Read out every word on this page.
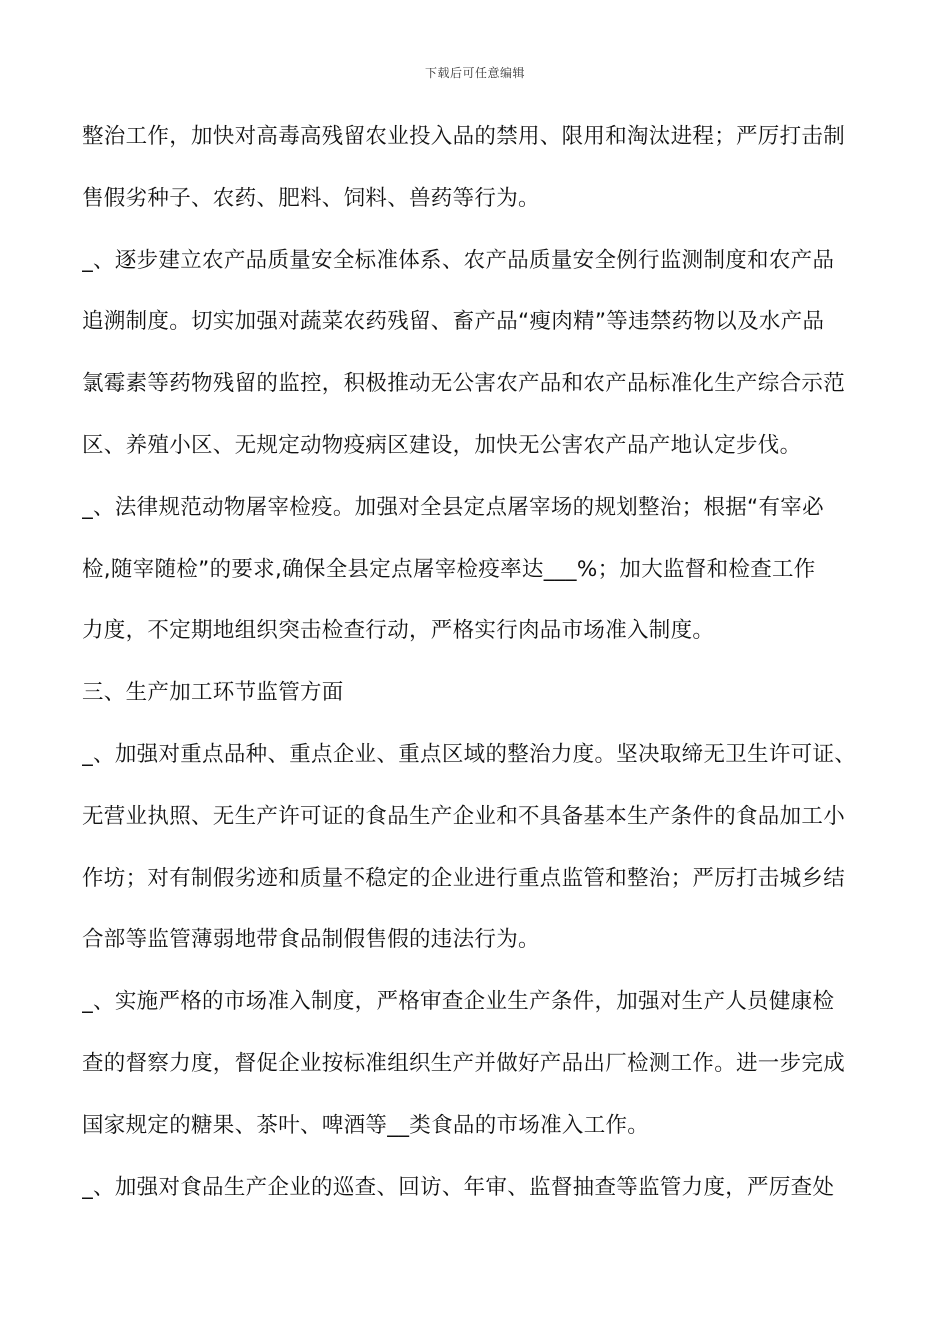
下载后可任意编辑
整治工作，加快对高毒高残留农业投入品的禁用、限用和淘汰进程；严厉打击制
售假劣种子、农药、肥料、饲料、兽药等行为。
_、逐步建立农产品质量安全标准体系、农产品质量安全例行监测制度和农产品
追溯制度。切实加强对蔬菜农药残留、畜产品“瘦肉精”等违禁药物以及水产品
氯霉素等药物残留的监控，积极推动无公害农产品和农产品标准化生产综合示范
区、养殖小区、无规定动物疫病区建设，加快无公害农产品产地认定步伐。
_、法律规范动物屠宰检疫。加强对全县定点屠宰场的规划整治；根据“有宰必
检,随宰随检”的要求,确保全县定点屠宰检疫率达___%；加大监督和检查工作
力度，不定期地组织突击检查行动，严格实行肉品市场准入制度。
三、生产加工环节监管方面
_、加强对重点品种、重点企业、重点区域的整治力度。坚决取缔无卫生许可证、
无营业执照、无生产许可证的食品生产企业和不具备基本生产条件的食品加工小
作坊；对有制假劣迹和质量不稳定的企业进行重点监管和整治；严厉打击城乡结
合部等监管薄弱地带食品制假售假的违法行为。
_、实施严格的市场准入制度，严格审查企业生产条件，加强对生产人员健康检
查的督察力度，督促企业按标准组织生产并做好产品出厂检测工作。进一步完成
国家规定的糖果、茶叶、啤酒等__类食品的市场准入工作。
_、加强对食品生产企业的巡查、回访、年审、监督抽查等监管力度，严厉查处
